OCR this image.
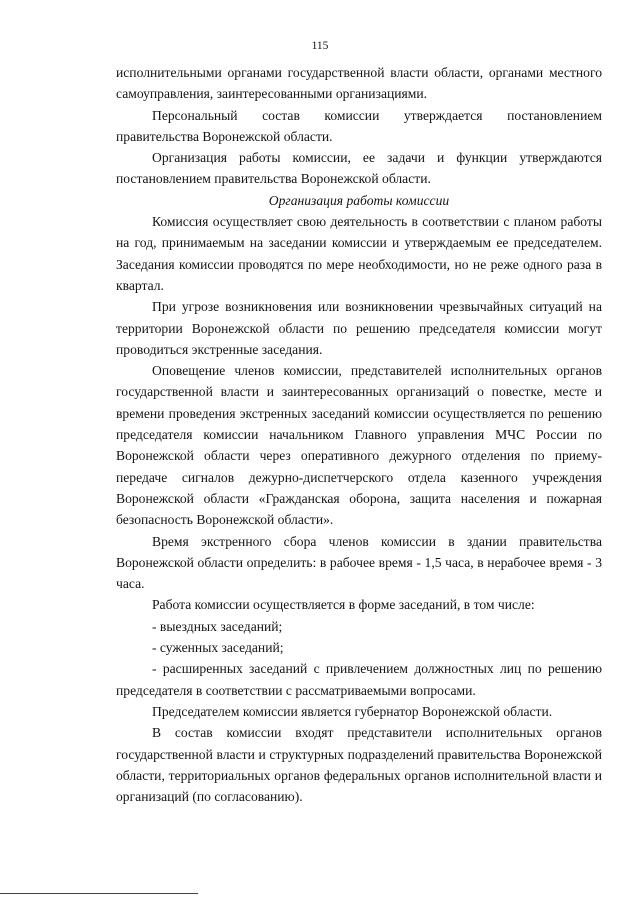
115

исполнительными органами государственной власти области, органами местного самоуправления, заинтересованными организациями.

Персональный состав комиссии утверждается постановлением правительства Воронежской области.

Организация работы комиссии, ее задачи и функции утверждаются постановлением правительства Воронежской области.

Организация работы комиссии

Комиссия осуществляет свою деятельность в соответствии с планом работы на год, принимаемым на заседании комиссии и утверждаемым ее председателем. Заседания комиссии проводятся по мере необходимости, но не реже одного раза в квартал.

При угрозе возникновения или возникновении чрезвычайных ситуаций на территории Воронежской области по решению председателя комиссии могут проводиться экстренные заседания.

Оповещение членов комиссии, представителей исполнительных органов государственной власти и заинтересованных организаций о повестке, месте и времени проведения экстренных заседаний комиссии осуществляется по решению председателя комиссии начальником Главного управления МЧС России по Воронежской области через оперативного дежурного отделения по приему-передаче сигналов дежурно-диспетчерского отдела казенного учреждения Воронежской области «Гражданская оборона, защита населения и пожарная безопасность Воронежской области».

Время экстренного сбора членов комиссии в здании правительства Воронежской области определить: в рабочее время - 1,5 часа, в нерабочее время - 3 часа.

Работа комиссии осуществляется в форме заседаний, в том числе:

- выездных заседаний;

- суженных заседаний;

- расширенных заседаний с привлечением должностных лиц по решению председателя в соответствии с рассматриваемыми вопросами.

Председателем комиссии является губернатор Воронежской области.

В состав комиссии входят представители исполнительных органов государственной власти и структурных подразделений правительства Воронежской области, территориальных органов федеральных органов исполнительной власти и организаций (по согласованию).
